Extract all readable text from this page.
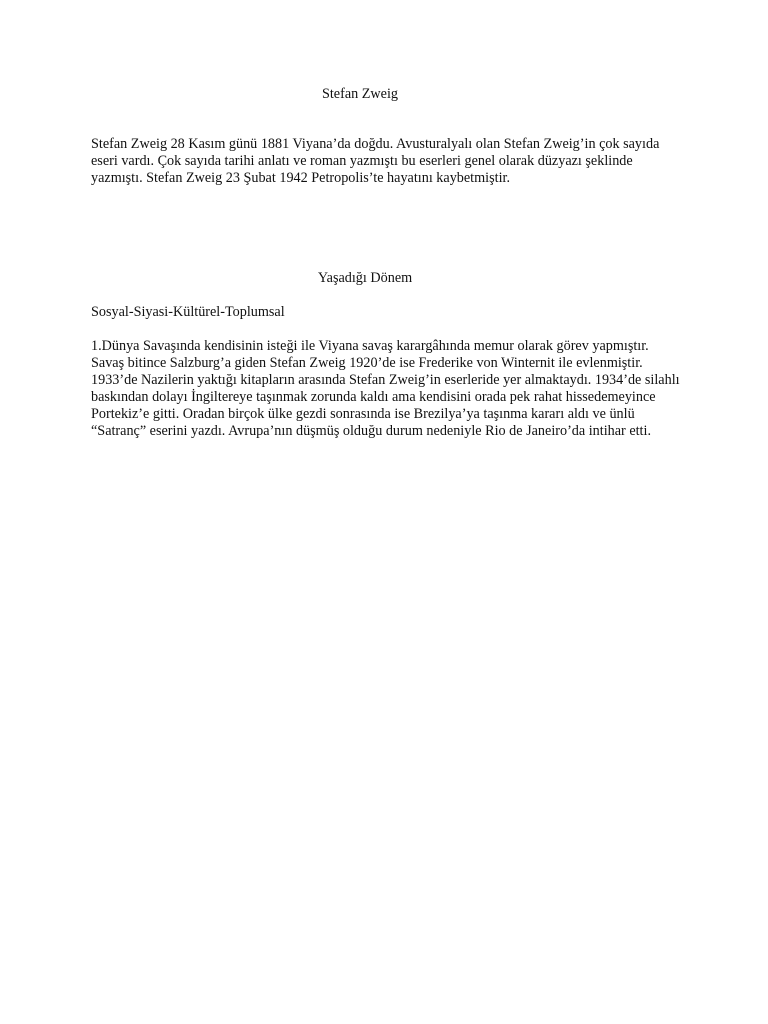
Stefan Zweig

Stefan Zweig 28 Kasım günü 1881 Viyana’da doğdu. Avusturalyalı olan Stefan Zweig’in çok sayıda eseri vardı. Çok sayıda tarihi anlatı ve roman yazmıştı bu eserleri genel olarak düzyazı şeklinde yazmıştı. Stefan Zweig 23 Şubat 1942 Petropolis’te hayatını kaybetmiştir.

Yaşadığı Dönem

Sosyal-Siyasi-Kültürel-Toplumsal

1.Dünya Savaşında kendisinin isteği ile Viyana savaş karargâhında memur olarak görev yapmıştır. Savaş bitince Salzburg’a giden Stefan Zweig 1920’de ise Frederike von Winternit ile evlenmiştir. 1933’de Nazilerin yaktığı kitapların arasında Stefan Zweig’in eserleride yer almaktaydı. 1934’de silahlı baskından dolayı İngiltereye taşınmak zorunda kaldı ama kendisini orada pek rahat hissedemeyince Portekiz’e gitti. Oradan birçok ülke gezdi sonrasında ise Brezilya’ya taşınma kararı aldı ve ünlü “Satranç” eserini yazdı. Avrupa’nın düşmüş olduğu durum nedeniyle Rio de Janeiro’da intihar etti.
